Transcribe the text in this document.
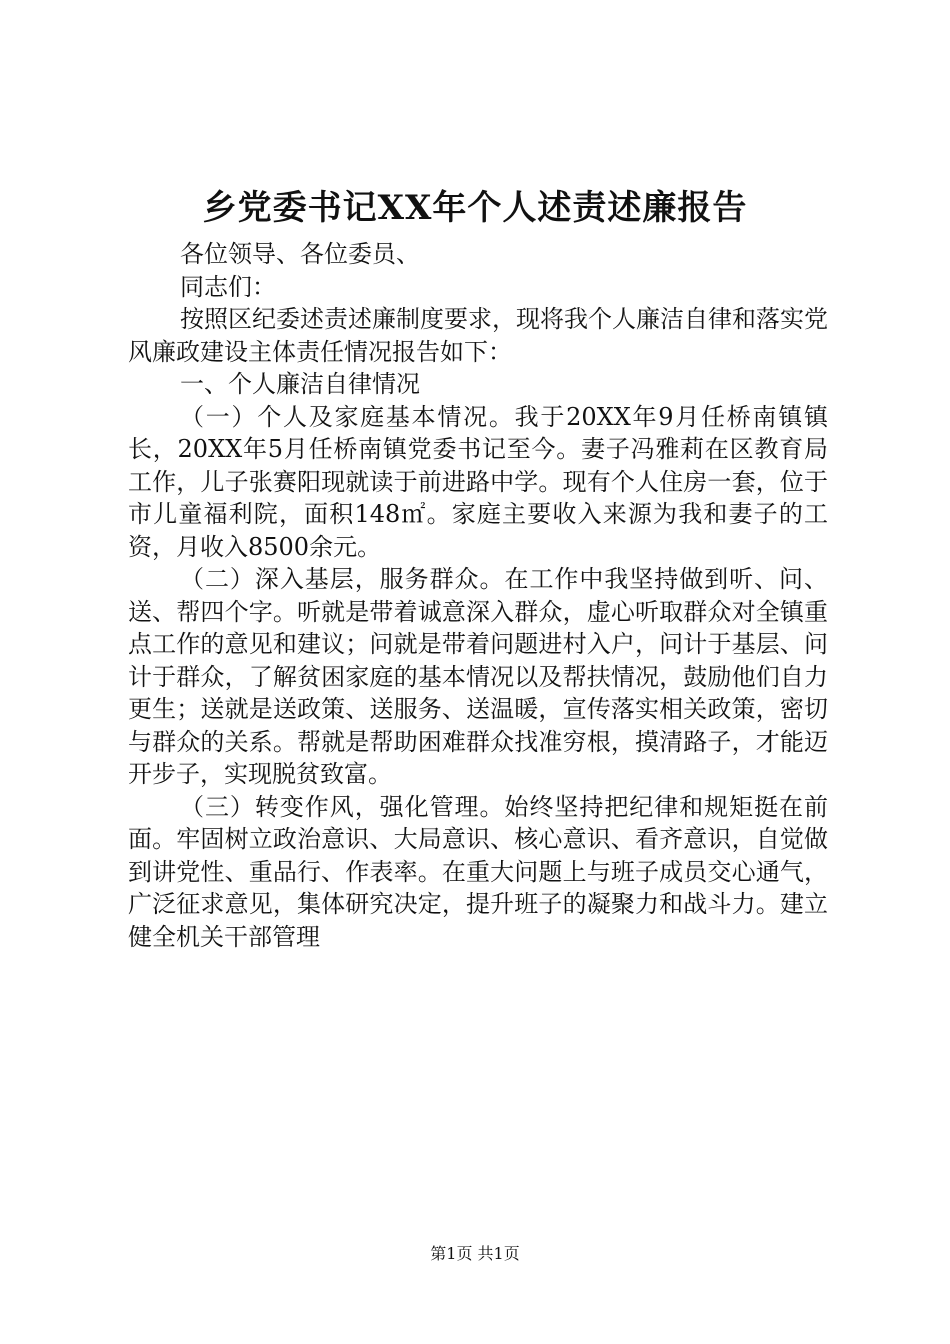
乡党委书记XX年个人述责述廉报告

各位领导、各位委员、

同志们：

按照区纪委述责述廉制度要求，现将我个人廉洁自律和落实党风廉政建设主体责任情况报告如下：

一、个人廉洁自律情况

（一）个人及家庭基本情况。我于20XX年9月任桥南镇镇长，20XX年5月任桥南镇党委书记至今。妻子冯雅莉在区教育局工作，儿子张赛阳现就读于前进路中学。现有个人住房一套，位于市儿童福利院，面积148㎡。家庭主要收入来源为我和妻子的工资，月收入8500余元。

（二）深入基层，服务群众。在工作中我坚持做到听、问、送、帮四个字。听就是带着诚意深入群众，虚心听取群众对全镇重点工作的意见和建议；问就是带着问题进村入户，问计于基层、问计于群众，了解贫困家庭的基本情况以及帮扶情况，鼓励他们自力更生；送就是送政策、送服务、送温暖，宣传落实相关政策，密切与群众的关系。帮就是帮助困难群众找准穷根，摸清路子，才能迈开步子，实现脱贫致富。

（三）转变作风，强化管理。始终坚持把纪律和规矩挺在前面。牢固树立政治意识、大局意识、核心意识、看齐意识，自觉做到讲党性、重品行、作表率。在重大问题上与班子成员交心通气，广泛征求意见，集体研究决定，提升班子的凝聚力和战斗力。建立健全机关干部管理

第1页 共1页
